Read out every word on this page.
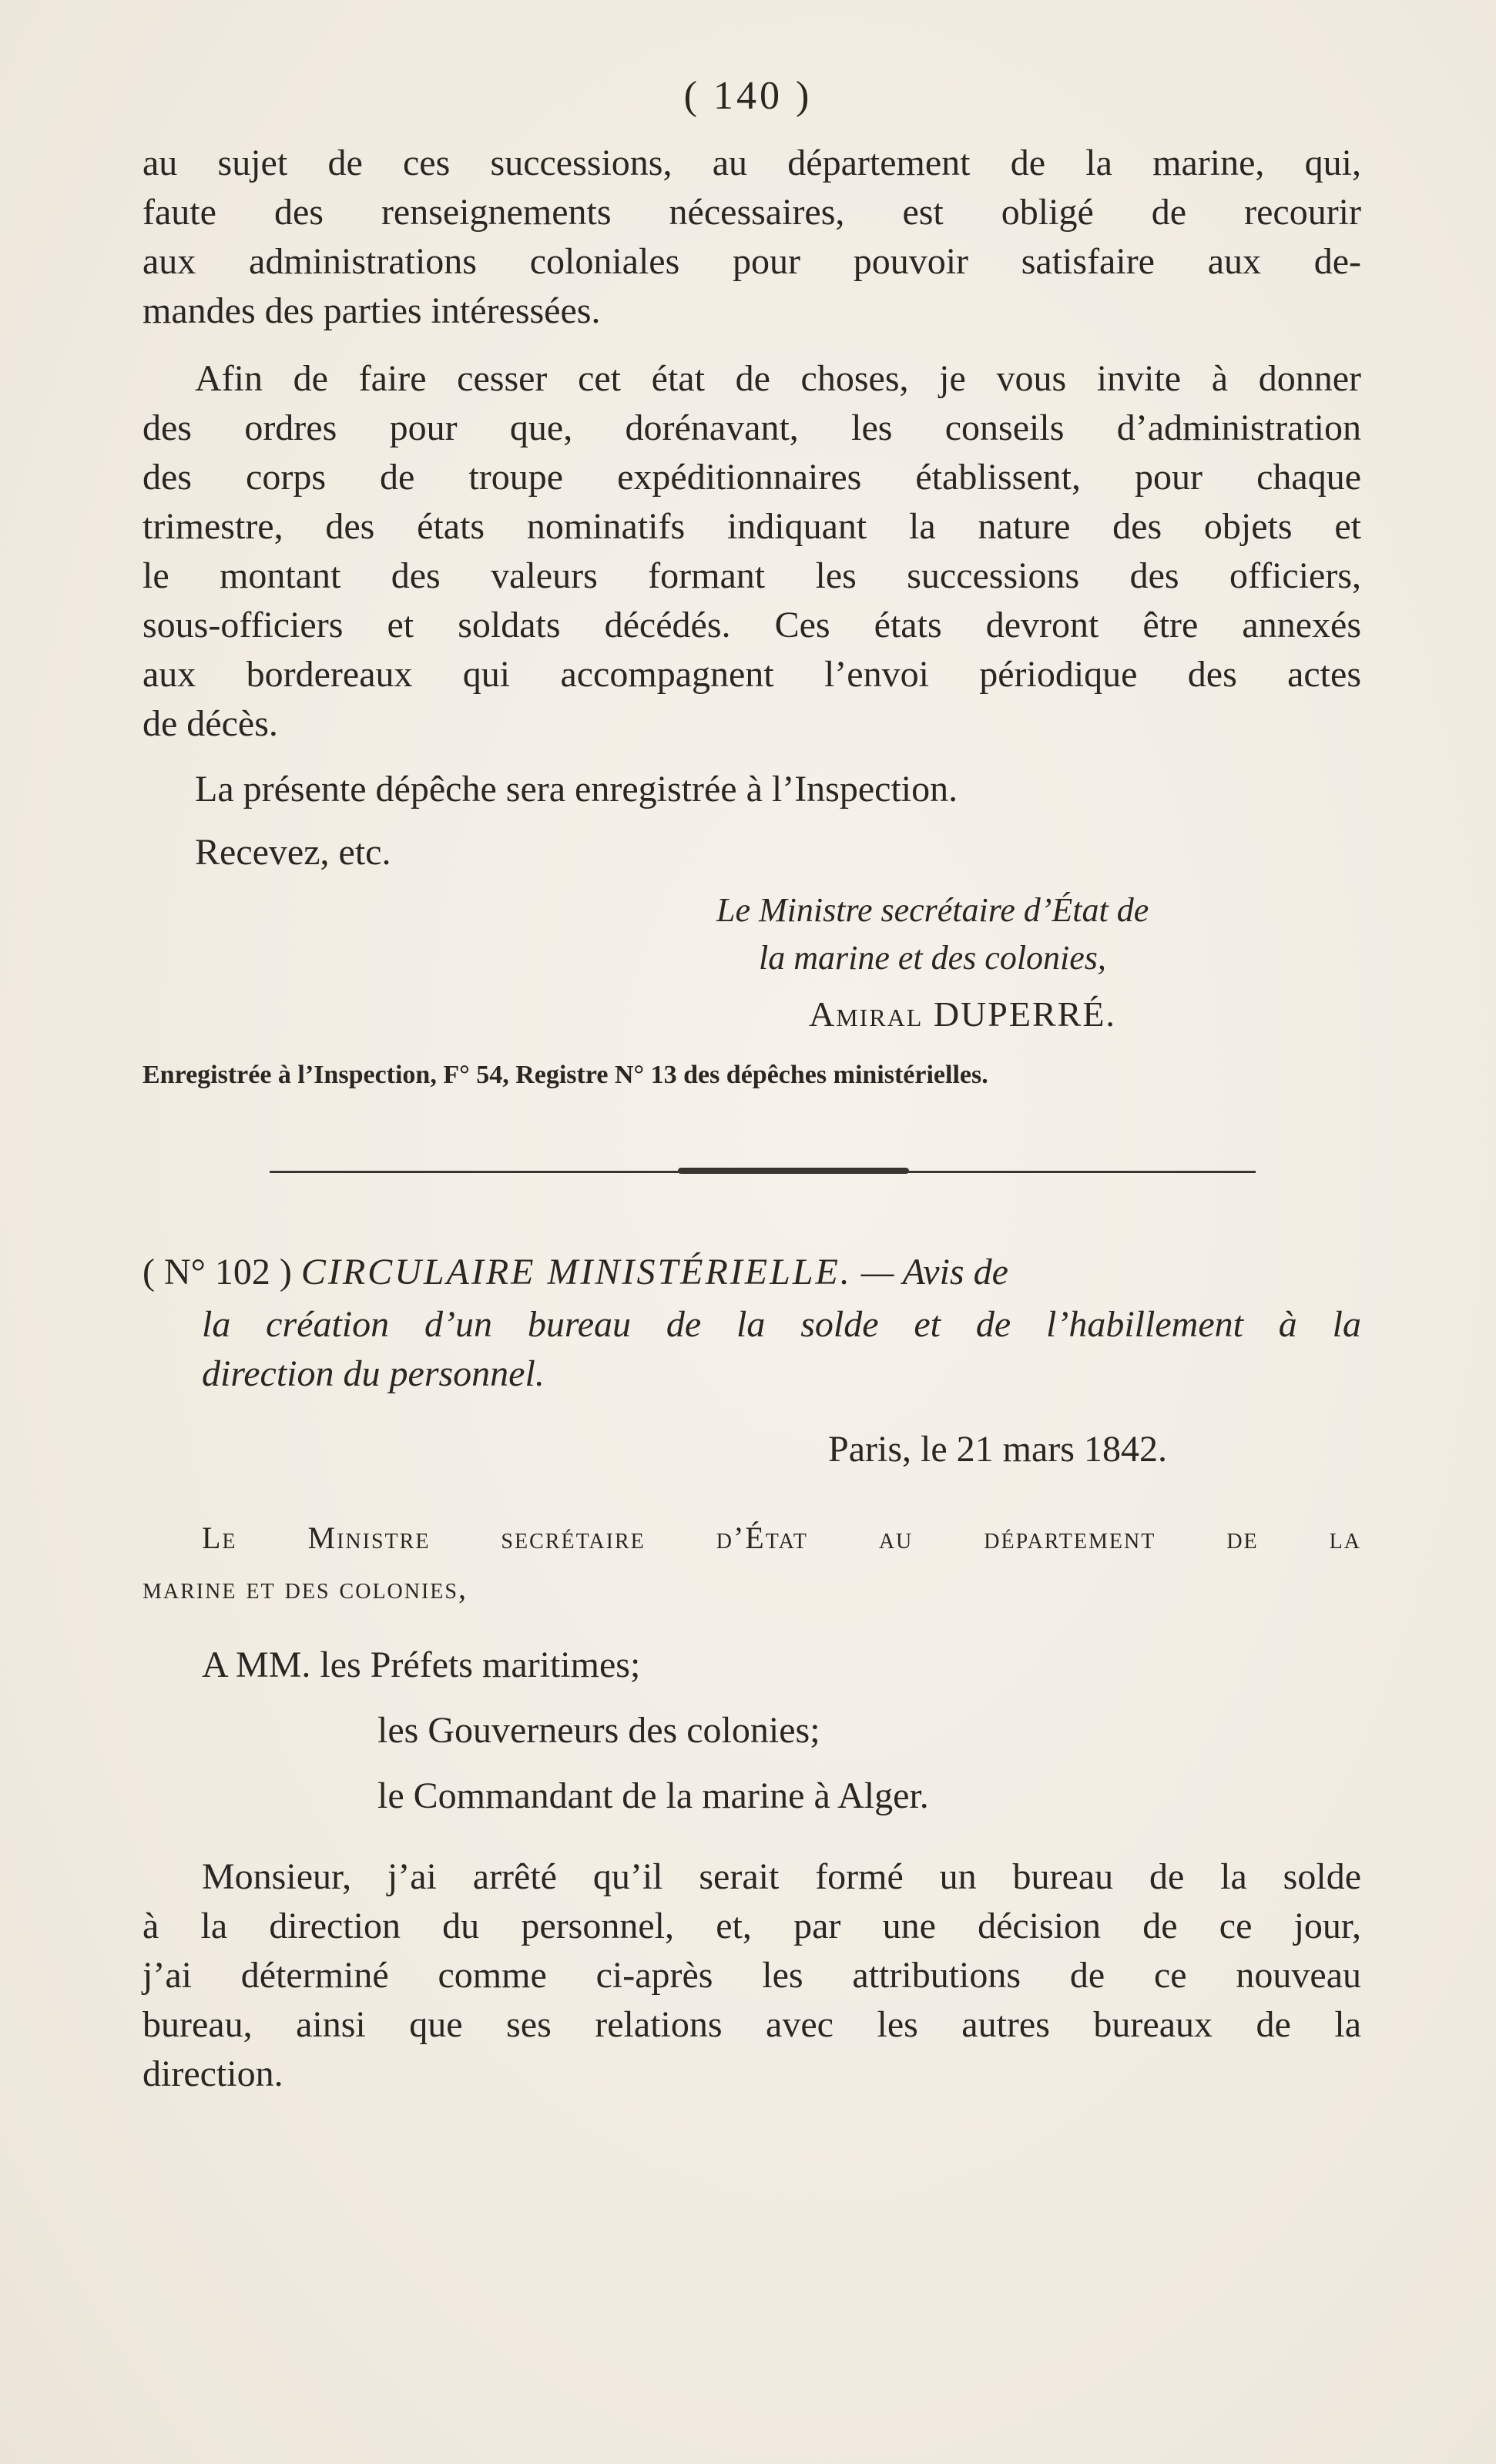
( 140 )

au sujet de ces successions, au département de la marine, qui,

faute des renseignements nécessaires, est obligé de recourir

aux administrations coloniales pour pouvoir satisfaire aux de-

mandes des parties intéressées.

Afin de faire cesser cet état de choses, je vous invite à donner

des ordres pour que, dorénavant, les conseils d’administration

des corps de troupe expéditionnaires établissent, pour chaque

trimestre, des états nominatifs indiquant la nature des objets et

le montant des valeurs formant les successions des officiers,

sous-officiers et soldats décédés. Ces états devront être annexés

aux bordereaux qui accompagnent l’envoi périodique des actes

de décès.

La présente dépêche sera enregistrée à l’Inspection.

Recevez, etc.

Le Ministre secrétaire d’État de

la marine et des colonies,

Amiral DUPERRÉ.

Enregistrée à l’Inspection, F° 54, Registre N° 13 des dépêches ministérielles.

( N° 102 ) CIRCULAIRE MINISTÉRIELLE. — Avis de

la création d’un bureau de la solde et de l’habillement à la

direction du personnel.

Paris, le 21 mars 1842.

Le Ministre secrétaire d’État au département de la

marine et des colonies,

A MM. les Préfets maritimes;

les Gouverneurs des colonies;

le Commandant de la marine à Alger.

Monsieur, j’ai arrêté qu’il serait formé un bureau de la solde

à la direction du personnel, et, par une décision de ce jour,

j’ai déterminé comme ci-après les attributions de ce nouveau

bureau, ainsi que ses relations avec les autres bureaux de la

direction.
